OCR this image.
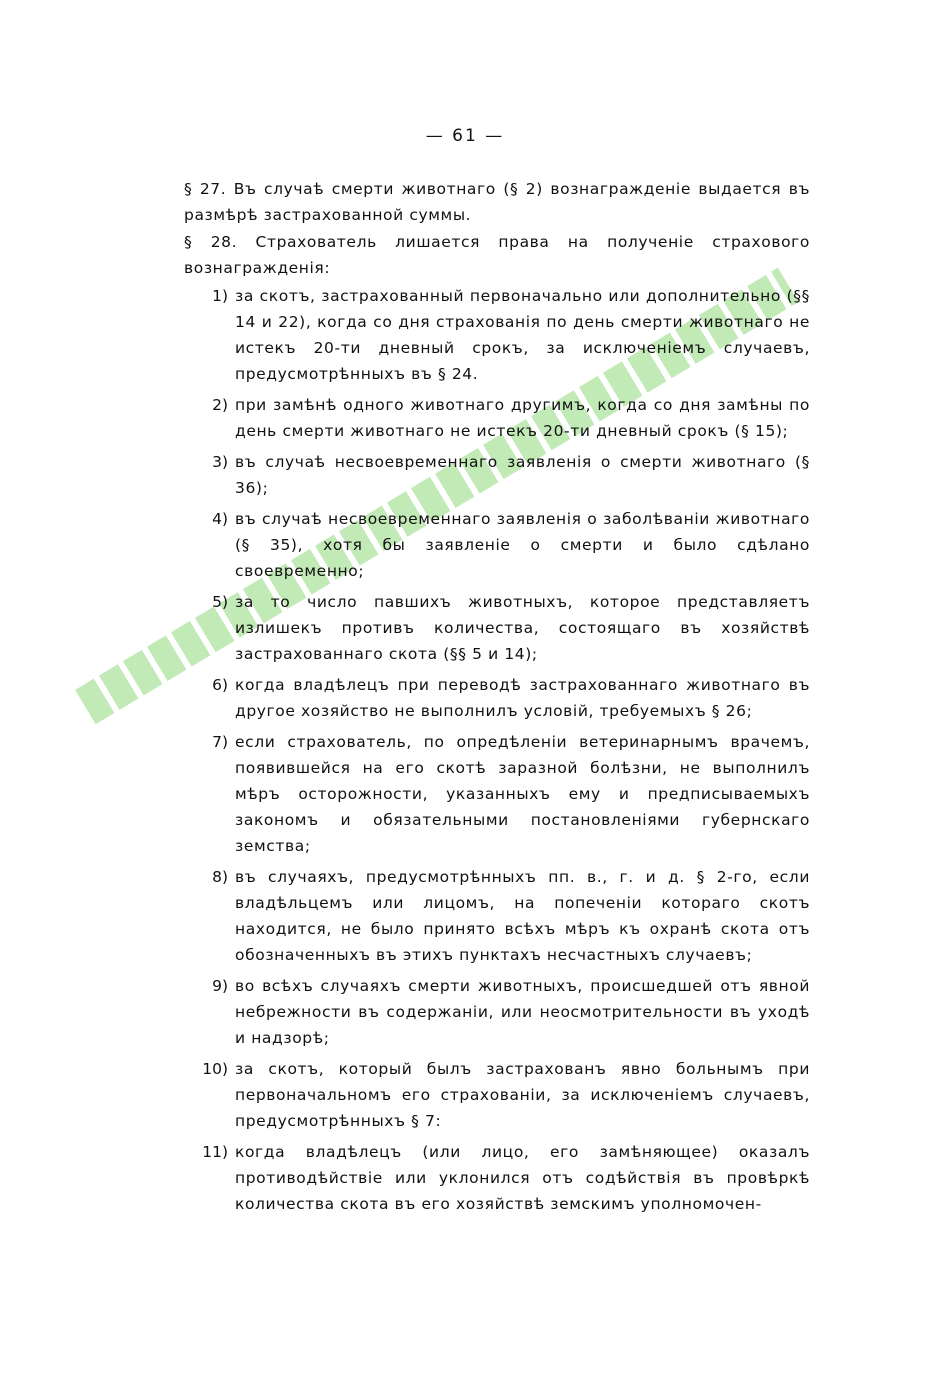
— 61 —
§ 27. Въ случаѣ смерти животнаго (§ 2) вознагражденіе выдается въ размѣрѣ застрахованной суммы.
§ 28. Страхователь лишается права на полученіе страхового вознагражденія:
1) за скотъ, застрахованный первоначально или дополнительно (§§ 14 и 22), когда со дня страхованія по день смерти животнаго не истекъ 20-ти дневный срокъ, за исключеніемъ случаевъ, предусмотрѣнныхъ въ § 24.
2) при замѣнѣ одного животнаго другимъ, когда со дня замѣны по день смерти животнаго не истекъ 20-ти дневный срокъ (§ 15);
3) въ случаѣ несвоевременнаго заявленія о смерти животнаго (§ 36);
4) въ случаѣ несвоевременнаго заявленія о заболѣваніи животнаго (§ 35), хотя бы заявленіе о смерти и было сдѣлано своевременно;
5) за то число павшихъ животныхъ, которое представляетъ излишекъ противъ количества, состоящаго въ хозяйствѣ застрахованнаго скота (§§ 5 и 14);
6) когда владѣлецъ при переводѣ застрахованнаго животнаго въ другое хозяйство не выполнилъ условій, требуемыхъ § 26;
7) если страхователь, по опредѣленіи ветеринарнымъ врачемъ, появившейся на его скотѣ заразной болѣзни, не выполнилъ мѣръ осторожности, указанныхъ ему и предписываемыхъ закономъ и обязательными постановленіями губернскаго земства;
8) въ случаяхъ, предусмотрѣнныхъ пп. в., г. и д. § 2-го, если владѣльцемъ или лицомъ, на попеченіи котораго скотъ находится, не было принято всѣхъ мѣръ къ охранѣ скота отъ обозначенныхъ въ этихъ пунктахъ несчастныхъ случаевъ;
9) во всѣхъ случаяхъ смерти животныхъ, происшедшей отъ явной небрежности въ содержаніи, или неосмотрительности въ уходѣ и надзорѣ;
10) за скотъ, который былъ застрахованъ явно больнымъ при первоначальномъ его страхованіи, за исключеніемъ случаевъ, предусмотрѣнныхъ § 7:
11) когда владѣлецъ (или лицо, его замѣняющее) оказалъ противодѣйствіе или уклонился отъ содѣйствія въ провѣркѣ количества скота въ его хозяйствѣ земскимъ уполномочен-
